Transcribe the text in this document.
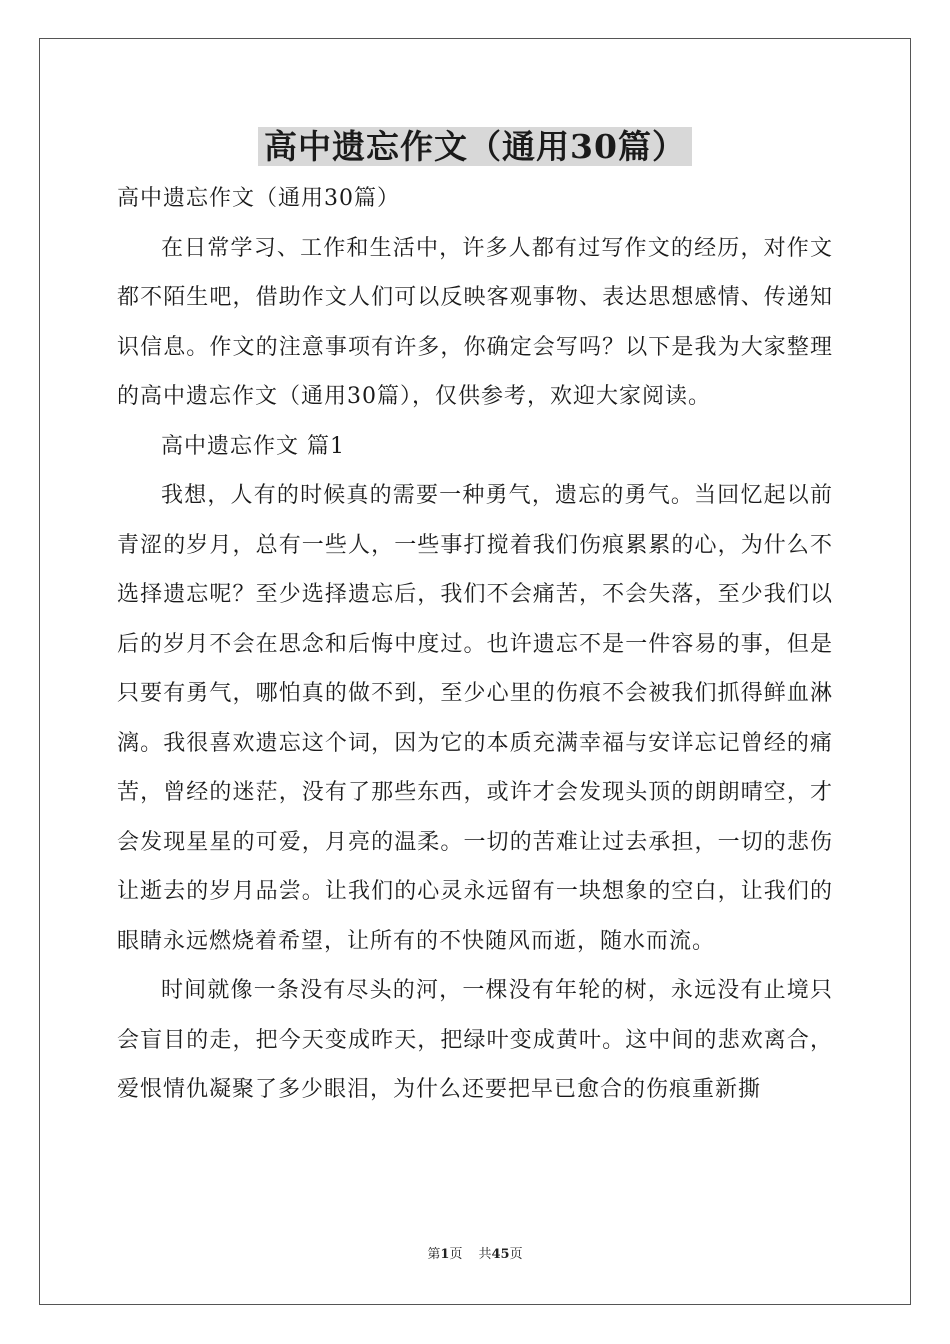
高中遗忘作文（通用30篇）

高中遗忘作文（通用30篇）

在日常学习、工作和生活中，许多人都有过写作文的经历，对作文都不陌生吧，借助作文人们可以反映客观事物、表达思想感情、传递知识信息。作文的注意事项有许多，你确定会写吗？以下是我为大家整理的高中遗忘作文（通用30篇），仅供参考，欢迎大家阅读。

高中遗忘作文 篇1

我想，人有的时候真的需要一种勇气，遗忘的勇气。当回忆起以前青涩的岁月，总有一些人，一些事打搅着我们伤痕累累的心，为什么不选择遗忘呢？至少选择遗忘后，我们不会痛苦，不会失落，至少我们以后的岁月不会在思念和后悔中度过。也许遗忘不是一件容易的事，但是只要有勇气，哪怕真的做不到，至少心里的伤痕不会被我们抓得鲜血淋漓。我很喜欢遗忘这个词，因为它的本质充满幸福与安详忘记曾经的痛苦，曾经的迷茫，没有了那些东西，或许才会发现头顶的朗朗晴空，才会发现星星的可爱，月亮的温柔。一切的苦难让过去承担，一切的悲伤让逝去的岁月品尝。让我们的心灵永远留有一块想象的空白，让我们的眼睛永远燃烧着希望，让所有的不快随风而逝，随水而流。

时间就像一条没有尽头的河，一棵没有年轮的树，永远没有止境只会盲目的走，把今天变成昨天，把绿叶变成黄叶。这中间的悲欢离合，爱恨情仇凝聚了多少眼泪，为什么还要把早已愈合的伤痕重新撕

第1页 共45页
